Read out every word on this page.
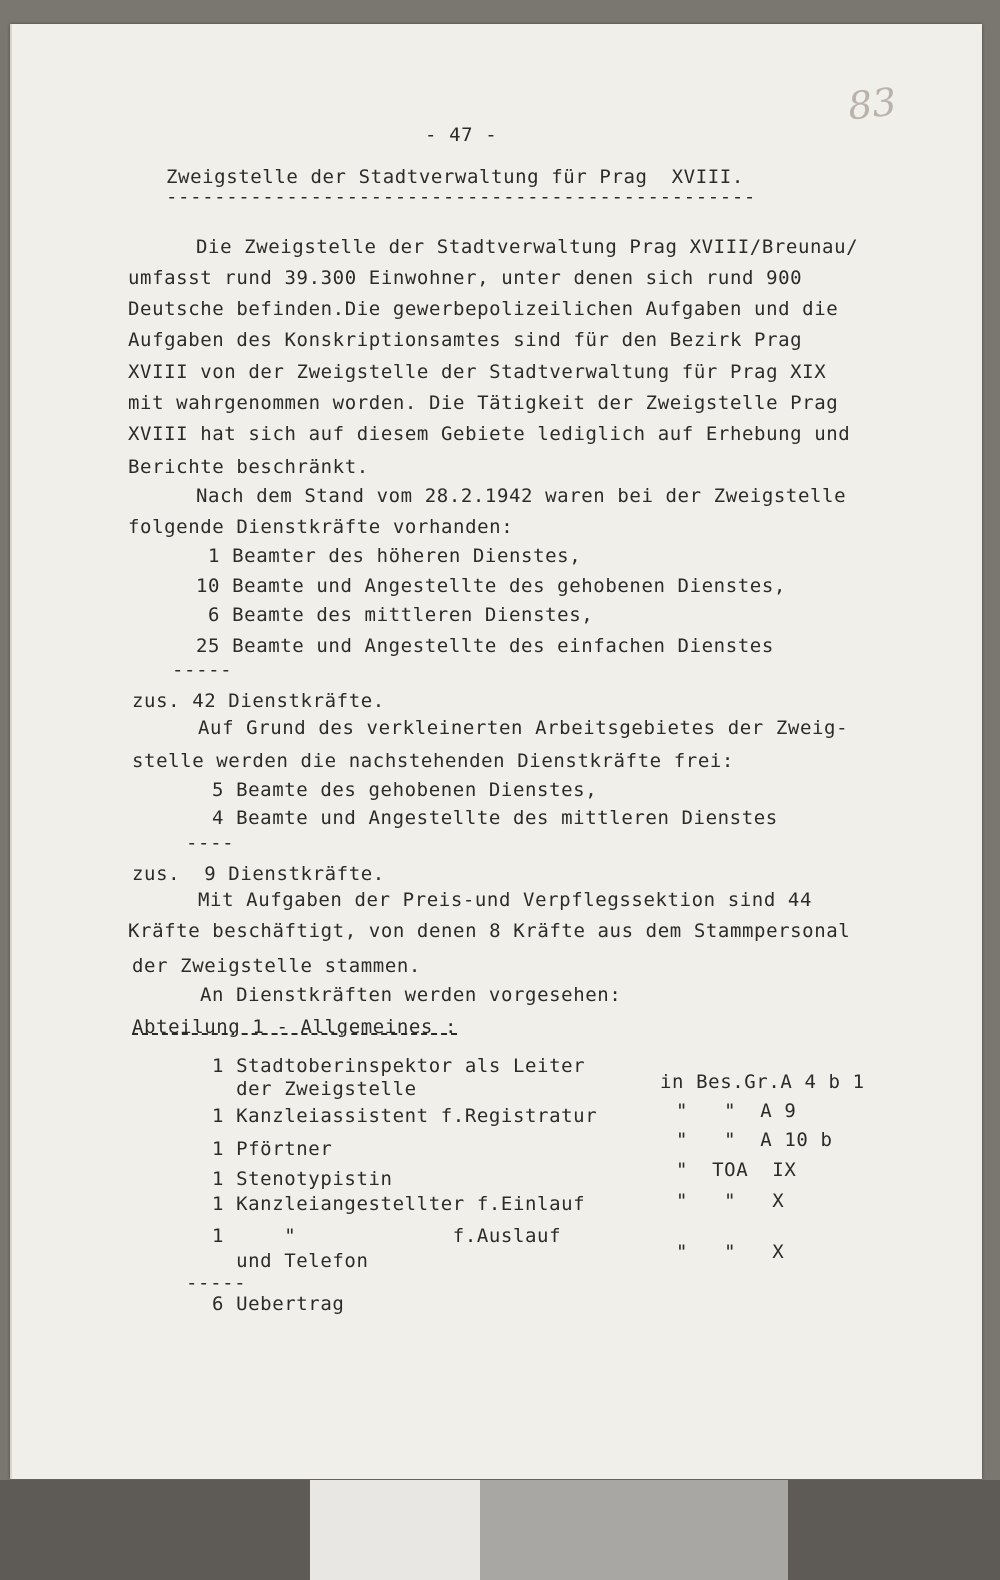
83
- 47 -
Zweigstelle der Stadtverwaltung für Prag  XVIII.
-------------------------------------------------
Die Zweigstelle der Stadtverwaltung Prag XVIII/Breunau/
umfasst rund 39.300 Einwohner, unter denen sich rund 900
Deutsche befinden.Die gewerbepolizeilichen Aufgaben und die
Aufgaben des Konskriptionsamtes sind für den Bezirk Prag
XVIII von der Zweigstelle der Stadtverwaltung für Prag XIX
mit wahrgenommen worden. Die Tätigkeit der Zweigstelle Prag
XVIII hat sich auf diesem Gebiete lediglich auf Erhebung und
Berichte beschränkt.
Nach dem Stand vom 28.2.1942 waren bei der Zweigstelle
folgende Dienstkräfte vorhanden:
1 Beamter des höheren Dienstes,
10 Beamte und Angestellte des gehobenen Dienstes,
6 Beamte des mittleren Dienstes,
25 Beamte und Angestellte des einfachen Dienstes
-----
zus. 42 Dienstkräfte.
Auf Grund des verkleinerten Arbeitsgebietes der Zweig-
stelle werden die nachstehenden Dienstkräfte frei:
5 Beamte des gehobenen Dienstes,
4 Beamte und Angestellte des mittleren Dienstes
----
zus.  9 Dienstkräfte.
Mit Aufgaben der Preis-und Verpflegssektion sind 44
Kräfte beschäftigt, von denen 8 Kräfte aus dem Stammpersonal
der Zweigstelle stammen.
An Dienstkräften werden vorgesehen:
Abteilung 1 - Allgemeines :
1 Stadtoberinspektor als Leiter
der Zweigstelle	in Bes.Gr.A 4 b 1
1 Kanzleiassistent f.Registratur	"   "  A 9
1 Pförtner	"   "  A 10 b
1 Stenotypistin	"  TOA  IX
1 Kanzleiangestellter f.Einlauf	"   "   X
1     "             f.Auslauf
und Telefon	"   "   X
-----
6 Uebertrag
